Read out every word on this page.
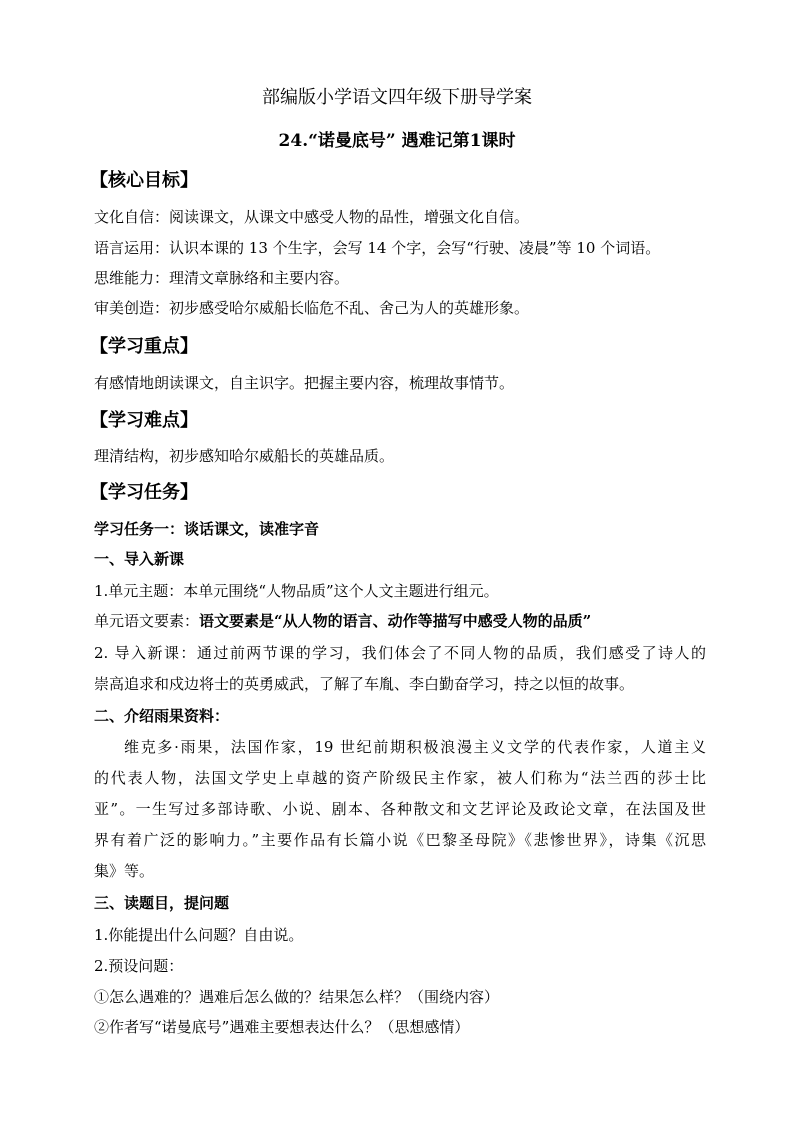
部编版小学语文四年级下册导学案
24.“诺曼底号” 遇难记第1课时
【核心目标】
文化自信：阅读课文，从课文中感受人物的品性，增强文化自信。
语言运用：认识本课的 13 个生字，会写 14 个字，会写“行驶、凌晨”等 10 个词语。
思维能力：理清文章脉络和主要内容。
审美创造：初步感受哈尔威船长临危不乱、舍己为人的英雄形象。
【学习重点】
有感情地朗读课文，自主识字。把握主要内容，梳理故事情节。
【学习难点】
理清结构，初步感知哈尔威船长的英雄品质。
【学习任务】
学习任务一：谈话课文，读准字音
一、导入新课
1.单元主题：本单元围绕“人物品质”这个人文主题进行组元。
单元语文要素：语文要素是“从人物的语言、动作等描写中感受人物的品质”
2. 导入新课：通过前两节课的学习，我们体会了不同人物的品质，我们感受了诗人的
崇高追求和戍边将士的英勇威武，了解了车胤、李白勤奋学习，持之以恒的故事。
二、介绍雨果资料：
维克多·雨果，法国作家，19 世纪前期积极浪漫主义文学的代表作家，人道主义
的代表人物，法国文学史上卓越的资产阶级民主作家，被人们称为“法兰西的莎士比
亚”。一生写过多部诗歌、小说、剧本、各种散文和文艺评论及政论文章，在法国及世
界有着广泛的影响力。”主要作品有长篇小说《巴黎圣母院》《悲惨世界》，诗集《沉思
集》等。
三、读题目，提问题
1.你能提出什么问题？自由说。
2.预设问题：
①怎么遇难的？遇难后怎么做的？结果怎么样？（围绕内容）
②作者写“诺曼底号”遇难主要想表达什么？（思想感情）
